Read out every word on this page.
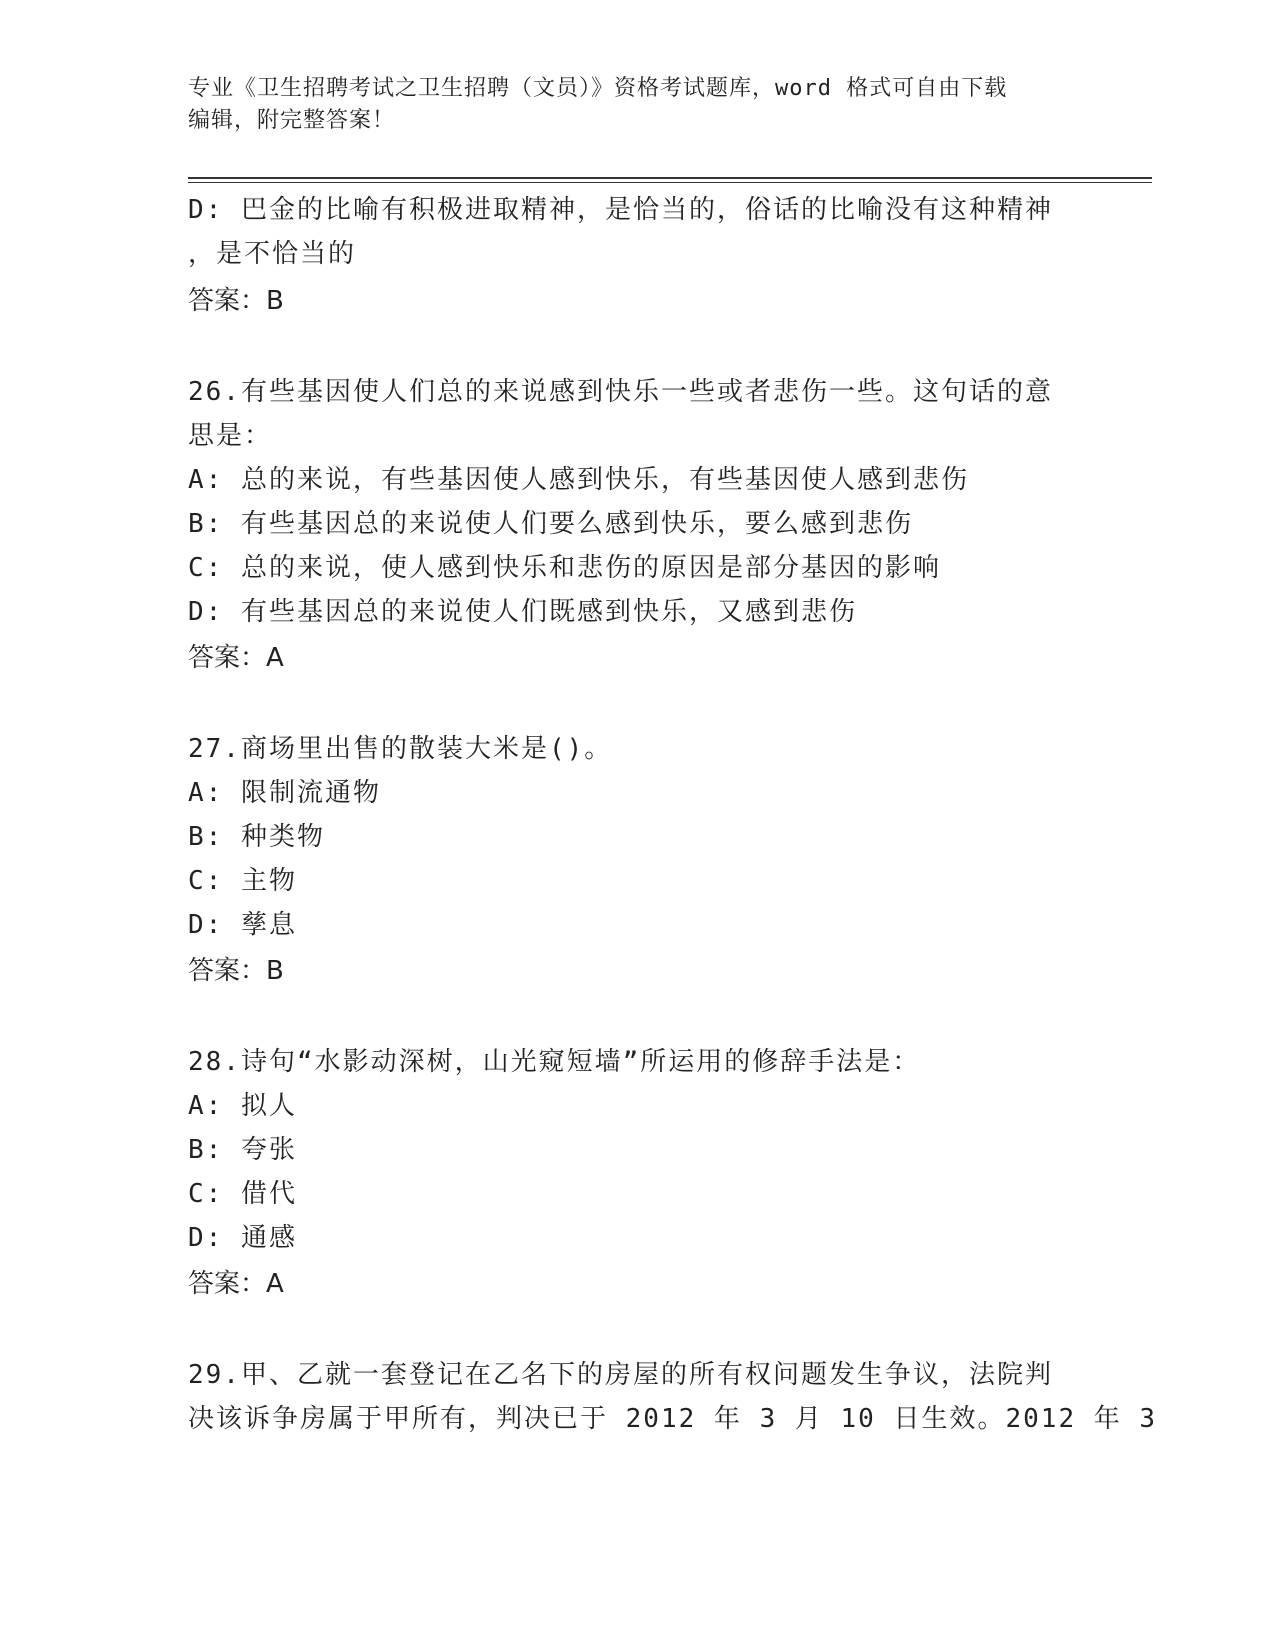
专业《卫生招聘考试之卫生招聘（文员）》资格考试题库，word 格式可自由下载
编辑，附完整答案！
D: 巴金的比喻有积极进取精神，是恰当的，俗话的比喻没有这种精神
，是不恰当的
答案：B
26.有些基因使人们总的来说感到快乐一些或者悲伤一些。这句话的意
思是：
A: 总的来说，有些基因使人感到快乐，有些基因使人感到悲伤
B: 有些基因总的来说使人们要么感到快乐，要么感到悲伤
C: 总的来说，使人感到快乐和悲伤的原因是部分基因的影响
D: 有些基因总的来说使人们既感到快乐，又感到悲伤
答案：A
27.商场里出售的散装大米是()。
A: 限制流通物
B: 种类物
C: 主物
D: 孳息
答案：B
28.诗句“水影动深树，山光窥短墙”所运用的修辞手法是：
A: 拟人
B: 夸张
C: 借代
D: 通感
答案：A
29.甲、乙就一套登记在乙名下的房屋的所有权问题发生争议，法院判
决该诉争房属于甲所有，判决已于 2012 年 3 月 10 日生效。2012 年 3
